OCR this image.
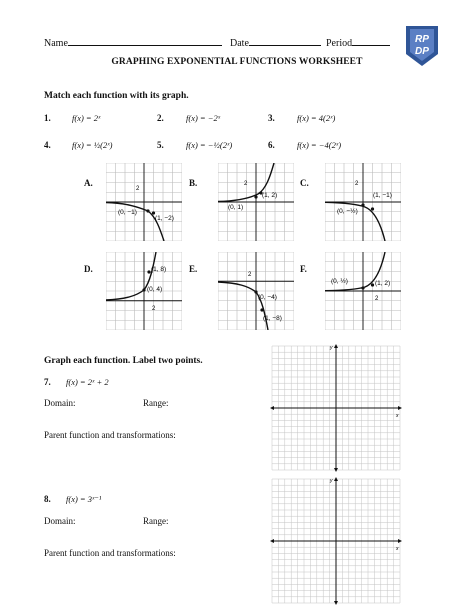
Name	Date	Period	RP
DP
GRAPHING EXPONENTIAL FUNCTIONS WORKSHEET
Match each function with its graph.
1.	f(x) = 2ˣ	2.	f(x) = −2ˣ	3.	f(x) = 4(2ˣ)
4.	f(x) = ½(2ˣ)	5.	f(x) = −½(2ˣ)	6.	f(x) = −4(2ˣ)
A.	B.	C.
D.	E.	F.
2
(0, −1)
(1, −2)
2
(0, 1)
(1, 2)
2
(1, −1)
(0, −½)
(1, 8)
(0, 4)
2
2
(0, −4)
(1, −8)
(0, ½)	(1, 2)
2
Graph each function. Label two points.
7. f(x) = 2ˣ + 2
Domain:	Range:
Parent function and transformations:
8. f(x) = 3ˣ⁻¹
Domain:	Range:
Parent function and transformations:
x
y
x
y
